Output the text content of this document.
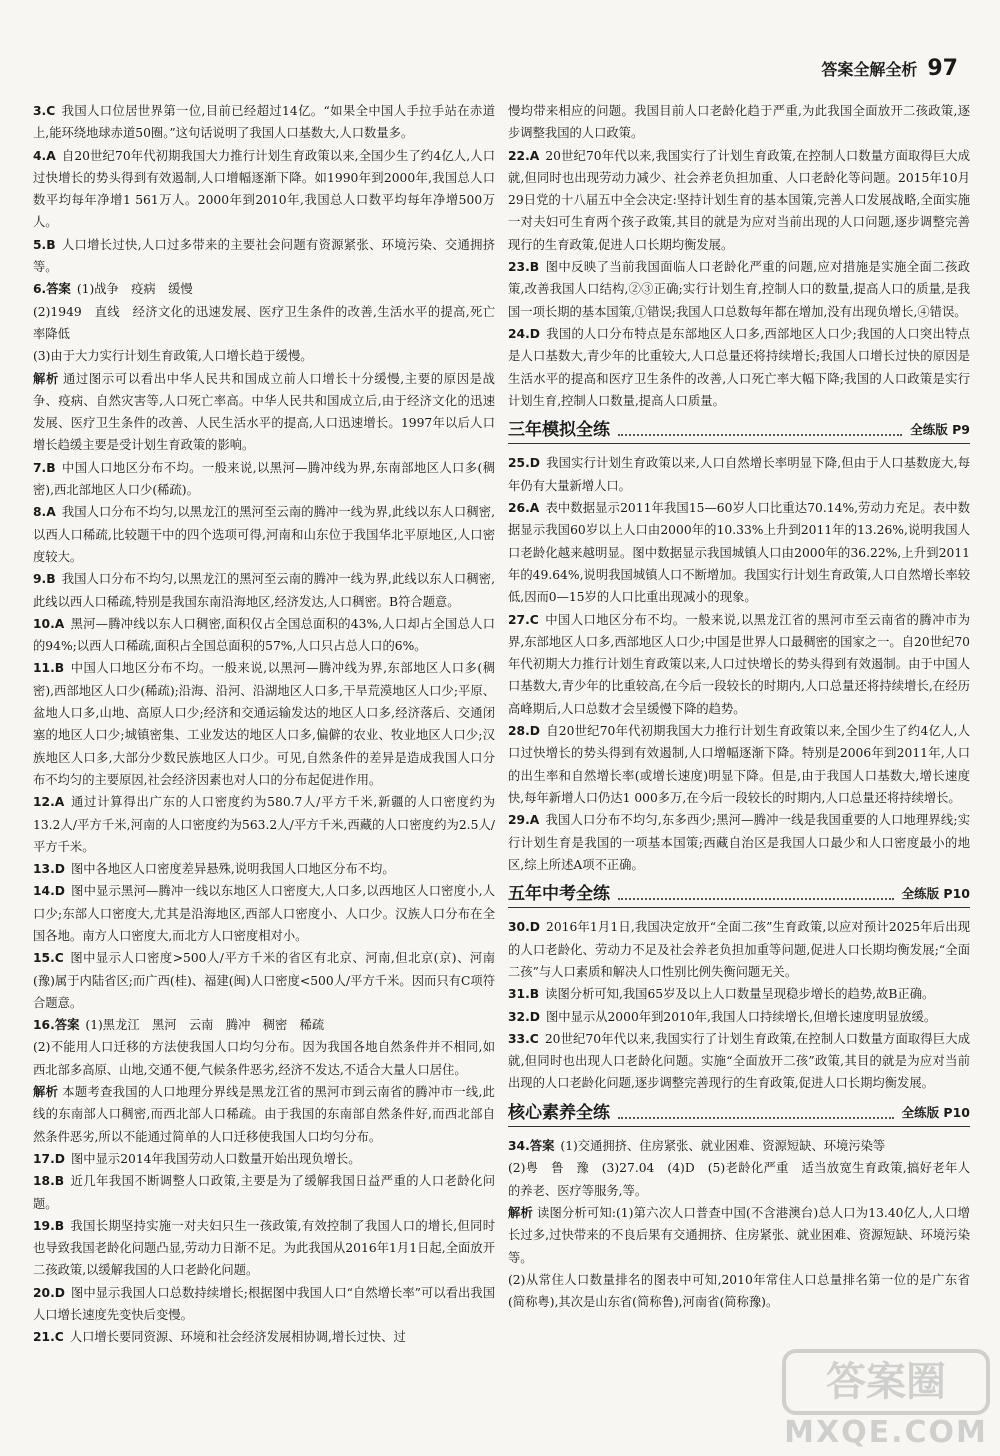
答案全解全析 97
3.C 我国人口位居世界第一位,目前已经超过14亿。“如果全中国人手拉手站在赤道上,能环绕地球赤道50圈。”这句话说明了我国人口基数大,人口数量多。
4.A 自20世纪70年代初期我国大力推行计划生育政策以来,全国少生了约4亿人,人口过快增长的势头得到有效遏制,人口增幅逐渐下降。如1990年到2000年,我国总人口数平均每年净增1 561万人。2000年到2010年,我国总人口数平均每年净增500万人。
5.B 人口增长过快,人口过多带来的主要社会问题有资源紧张、环境污染、交通拥挤等。
6.答案 (1)战争　疫病　缓慢
(2)1949　直线　经济文化的迅速发展、医疗卫生条件的改善,生活水平的提高,死亡率降低
(3)由于大力实行计划生育政策,人口增长趋于缓慢。
解析 通过图示可以看出中华人民共和国成立前人口增长十分缓慢,主要的原因是战争、疫病、自然灾害等,人口死亡率高。中华人民共和国成立后,由于经济文化的迅速发展、医疗卫生条件的改善、人民生活水平的提高,人口迅速增长。1997年以后人口增长趋缓主要是受计划生育政策的影响。
7.B 中国人口地区分布不均。一般来说,以黑河—腾冲线为界,东南部地区人口多(稠密),西北部地区人口少(稀疏)。
8.A 我国人口分布不均匀,以黑龙江的黑河至云南的腾冲一线为界,此线以东人口稠密,以西人口稀疏,比较题干中的四个选项可得,河南和山东位于我国华北平原地区,人口密度较大。
9.B 我国人口分布不均匀,以黑龙江的黑河至云南的腾冲一线为界,此线以东人口稠密,此线以西人口稀疏,特别是我国东南沿海地区,经济发达,人口稠密。B符合题意。
10.A 黑河—腾冲线以东人口稠密,面积仅占全国总面积的43%,人口却占全国总人口的94%;以西人口稀疏,面积占全国总面积的57%,人口只占总人口的6%。
11.B 中国人口地区分布不均。一般来说,以黑河—腾冲线为界,东部地区人口多(稠密),西部地区人口少(稀疏);沿海、沿河、沿湖地区人口多,干旱荒漠地区人口少;平原、盆地人口多,山地、高原人口少;经济和交通运输发达的地区人口多,经济落后、交通闭塞的地区人口少;城镇密集、工业发达的地区人口多,偏僻的农业、牧业地区人口少;汉族地区人口多,大部分少数民族地区人口少。可见,自然条件的差异是造成我国人口分布不均匀的主要原因,社会经济因素也对人口的分布起促进作用。
12.A 通过计算得出广东的人口密度约为580.7人/平方千米,新疆的人口密度约为13.2人/平方千米,河南的人口密度约为563.2人/平方千米,西藏的人口密度约为2.5人/平方千米。
13.D 图中各地区人口密度差异悬殊,说明我国人口地区分布不均。
14.D 图中显示黑河—腾冲一线以东地区人口密度大,人口多,以西地区人口密度小,人口少;东部人口密度大,尤其是沿海地区,西部人口密度小、人口少。汉族人口分布在全国各地。南方人口密度大,而北方人口密度相对小。
15.C 图中显示人口密度>500人/平方千米的省区有北京、河南,但北京(京)、河南(豫)属于内陆省区;而广西(桂)、福建(闽)人口密度<500人/平方千米。因而只有C项符合题意。
16.答案 (1)黑龙江　黑河　云南　腾冲　稠密　稀疏
(2)不能用人口迁移的方法使我国人口均匀分布。因为我国各地自然条件并不相同,如西北部多高原、山地,交通不便,气候条件恶劣,经济不发达,不适合大量人口居住。
解析 本题考查我国的人口地理分界线是黑龙江省的黑河市到云南省的腾冲市一线,此线的东南部人口稠密,而西北部人口稀疏。由于我国的东南部自然条件好,而西北部自然条件恶劣,所以不能通过简单的人口迁移使我国人口均匀分布。
17.D 图中显示2014年我国劳动人口数量开始出现负增长。
18.B 近几年我国不断调整人口政策,主要是为了缓解我国日益严重的人口老龄化问题。
19.B 我国长期坚持实施一对夫妇只生一孩政策,有效控制了我国人口的增长,但同时也导致我国老龄化问题凸显,劳动力日渐不足。为此我国从2016年1月1日起,全面放开二孩政策,以缓解我国的人口老龄化问题。
20.D 图中显示我国人口总数持续增长;根据图中我国人口“自然增长率”可以看出我国人口增长速度先变快后变慢。
21.C 人口增长要同资源、环境和社会经济发展相协调,增长过快、过
慢均带来相应的问题。我国目前人口老龄化趋于严重,为此我国全面放开二孩政策,逐步调整我国的人口政策。
22.A 20世纪70年代以来,我国实行了计划生育政策,在控制人口数量方面取得巨大成就,但同时也出现劳动力减少、社会养老负担加重、人口老龄化等问题。2015年10月29日党的十八届五中全会决定:坚持计划生育的基本国策,完善人口发展战略,全面实施一对夫妇可生育两个孩子政策,其目的就是为应对当前出现的人口问题,逐步调整完善现行的生育政策,促进人口长期均衡发展。
23.B 图中反映了当前我国面临人口老龄化严重的问题,应对措施是实施全面二孩政策,改善我国人口结构,②③正确;实行计划生育,控制人口的数量,提高人口的质量,是我国一项长期的基本国策,①错误;我国人口总数每年都在增加,没有出现负增长,④错误。
24.D 我国的人口分布特点是东部地区人口多,西部地区人口少;我国的人口突出特点是人口基数大,青少年的比重较大,人口总量还将持续增长;我国人口增长过快的原因是生活水平的提高和医疗卫生条件的改善,人口死亡率大幅下降;我国的人口政策是实行计划生育,控制人口数量,提高人口质量。
三年模拟全练	全练版 P9
25.D 我国实行计划生育政策以来,人口自然增长率明显下降,但由于人口基数庞大,每年仍有大量新增人口。
26.A 表中数据显示2011年我国15—60岁人口比重达70.14%,劳动力充足。表中数据显示我国60岁以上人口由2000年的10.33%上升到2011年的13.26%,说明我国人口老龄化越来越明显。图中数据显示我国城镇人口由2000年的36.22%,上升到2011年的49.64%,说明我国城镇人口不断增加。我国实行计划生育政策,人口自然增长率较低,因而0—15岁的人口比重出现减小的现象。
27.C 中国人口地区分布不均。一般来说,以黑龙江省的黑河市至云南省的腾冲市为界,东部地区人口多,西部地区人口少;中国是世界人口最稠密的国家之一。自20世纪70年代初期大力推行计划生育政策以来,人口过快增长的势头得到有效遏制。由于中国人口基数大,青少年的比重较高,在今后一段较长的时期内,人口总量还将持续增长,在经历高峰期后,人口总数才会呈缓慢下降的趋势。
28.D 自20世纪70年代初期我国大力推行计划生育政策以来,全国少生了约4亿人,人口过快增长的势头得到有效遏制,人口增幅逐渐下降。特别是2006年到2011年,人口的出生率和自然增长率(或增长速度)明显下降。但是,由于我国人口基数大,增长速度快,每年新增人口仍达1 000多万,在今后一段较长的时期内,人口总量还将持续增长。
29.A 我国人口分布不均匀,东多西少;黑河—腾冲一线是我国重要的人口地理界线;实行计划生育是我国的一项基本国策;西藏自治区是我国人口最少和人口密度最小的地区,综上所述A项不正确。
五年中考全练	全练版 P10
30.D 2016年1月1日,我国决定放开“全面二孩”生育政策,以应对预计2025年后出现的人口老龄化、劳动力不足及社会养老负担加重等问题,促进人口长期均衡发展;“全面二孩”与人口素质和解决人口性别比例失衡问题无关。
31.B 读图分析可知,我国65岁及以上人口数量呈现稳步增长的趋势,故B正确。
32.D 图中显示从2000年到2010年,我国人口持续增长,但增长速度明显放缓。
33.C 20世纪70年代以来,我国实行了计划生育政策,在控制人口数量方面取得巨大成就,但同时也出现人口老龄化问题。实施“全面放开二孩”政策,其目的就是为应对当前出现的人口老龄化问题,逐步调整完善现行的生育政策,促进人口长期均衡发展。
核心素养全练	全练版 P10
34.答案 (1)交通拥挤、住房紧张、就业困难、资源短缺、环境污染等
(2)粤　鲁　豫　(3)27.04　(4)D　(5)老龄化严重　适当放宽生育政策,搞好老年人的养老、医疗等服务,等。
解析 读图分析可知:(1)第六次人口普查中国(不含港澳台)总人口为13.40亿人,人口增长过多,过快带来的不良后果有交通拥挤、住房紧张、就业困难、资源短缺、环境污染等。
(2)从常住人口数量排名的图表中可知,2010年常住人口总量排名第一位的是广东省(简称粤),其次是山东省(简称鲁),河南省(简称豫)。
答案圈
MXQE.COM
